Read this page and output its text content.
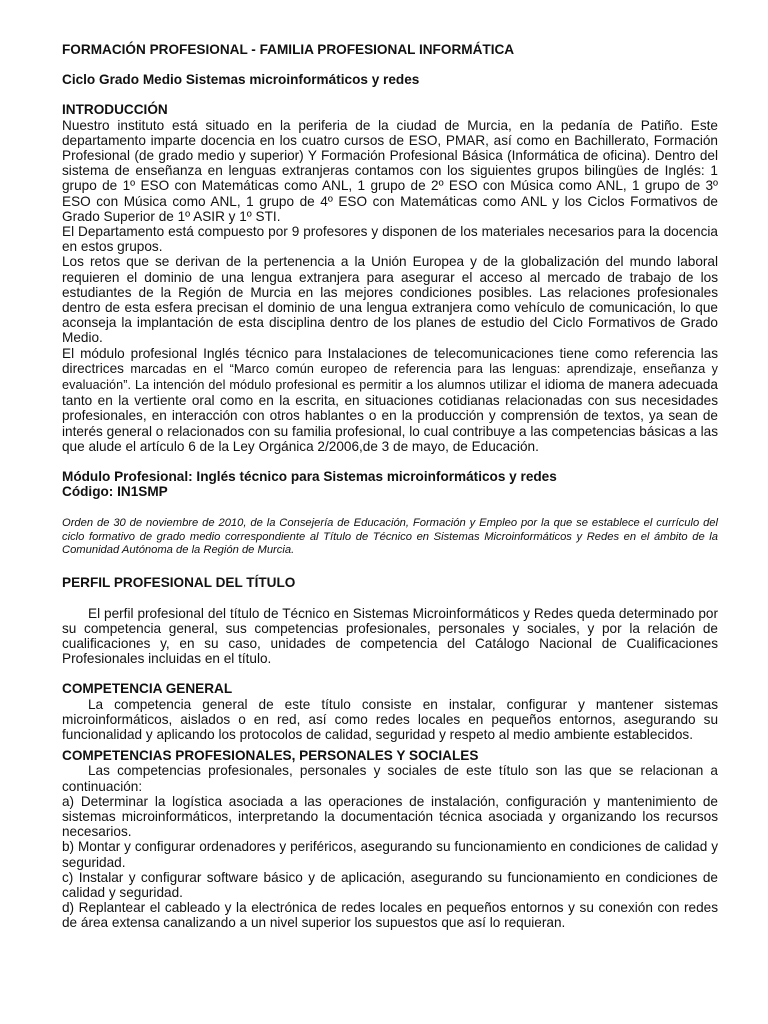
FORMACIÓN PROFESIONAL - FAMILIA PROFESIONAL INFORMÁTICA

Ciclo Grado Medio Sistemas microinformáticos y redes

INTRODUCCIÓN

Nuestro instituto está situado en la periferia de la ciudad de Murcia, en la pedanía de Patiño. Este departamento imparte docencia en los cuatro cursos de ESO, PMAR, así como en Bachillerato, Formación Profesional (de grado medio y superior) Y Formación Profesional Básica (Informática de oficina). Dentro del sistema de enseñanza en lenguas extranjeras contamos con los siguientes grupos bilingües de Inglés: 1 grupo de 1º ESO con Matemáticas como ANL, 1 grupo de 2º ESO con Música como ANL, 1 grupo de 3º ESO con Música como ANL, 1 grupo de 4º ESO con Matemáticas como ANL y los Ciclos Formativos de Grado Superior de 1º ASIR y 1º STI.

El Departamento está compuesto por 9 profesores y disponen de los materiales necesarios para la docencia en estos grupos.

Los retos que se derivan de la pertenencia a la Unión Europea y de la globalización del mundo laboral requieren el dominio de una lengua extranjera para asegurar el acceso al mercado de trabajo de los estudiantes de la Región de Murcia en las mejores condiciones posibles. Las relaciones profesionales dentro de esta esfera precisan el dominio de una lengua extranjera como vehículo de comunicación, lo que aconseja la implantación de esta disciplina dentro de los planes de estudio del Ciclo Formativos de Grado Medio.

El módulo profesional Inglés técnico para Instalaciones de telecomunicaciones tiene como referencia las directrices marcadas en el “Marco común europeo de referencia para las lenguas: aprendizaje, enseñanza y evaluación”. La intención del módulo profesional es permitir a los alumnos utilizar el idioma de manera adecuada tanto en la vertiente oral como en la escrita, en situaciones cotidianas relacionadas con sus necesidades profesionales, en interacción con otros hablantes o en la producción y comprensión de textos, ya sean de interés general o relacionados con su familia profesional, lo cual contribuye a las competencias básicas a las que alude el artículo 6 de la Ley Orgánica 2/2006,de 3 de mayo, de Educación.

Módulo Profesional: Inglés técnico para Sistemas microinformáticos y redes

Código: IN1SMP

Orden de 30 de noviembre de 2010, de la Consejería de Educación, Formación y Empleo por la que se establece el currículo del ciclo formativo de grado medio correspondiente al Título de Técnico en Sistemas Microinformáticos y Redes en el ámbito de la Comunidad Autónoma de la Región de Murcia.

PERFIL PROFESIONAL DEL TÍTULO

El perfil profesional del título de Técnico en Sistemas Microinformáticos y Redes queda determinado por su competencia general, sus competencias profesionales, personales y sociales, y por la relación de cualificaciones y, en su caso, unidades de competencia del Catálogo Nacional de Cualificaciones Profesionales incluidas en el título.

COMPETENCIA GENERAL

La competencia general de este título consiste en instalar, configurar y mantener sistemas microinformáticos, aislados o en red, así como redes locales en pequeños entornos, asegurando su funcionalidad y aplicando los protocolos de calidad, seguridad y respeto al medio ambiente establecidos.

COMPETENCIAS PROFESIONALES, PERSONALES Y SOCIALES

Las competencias profesionales, personales y sociales de este título son las que se relacionan a continuación:

a) Determinar la logística asociada a las operaciones de instalación, configuración y mantenimiento de sistemas microinformáticos, interpretando la documentación técnica asociada y organizando los recursos necesarios.

b) Montar y configurar ordenadores y periféricos, asegurando su funcionamiento en condiciones de calidad y seguridad.

c) Instalar y configurar software básico y de aplicación, asegurando su funcionamiento en condiciones de calidad y seguridad.

d) Replantear el cableado y la electrónica de redes locales en pequeños entornos y su conexión con redes de área extensa canalizando a un nivel superior los supuestos que así lo requieran.
